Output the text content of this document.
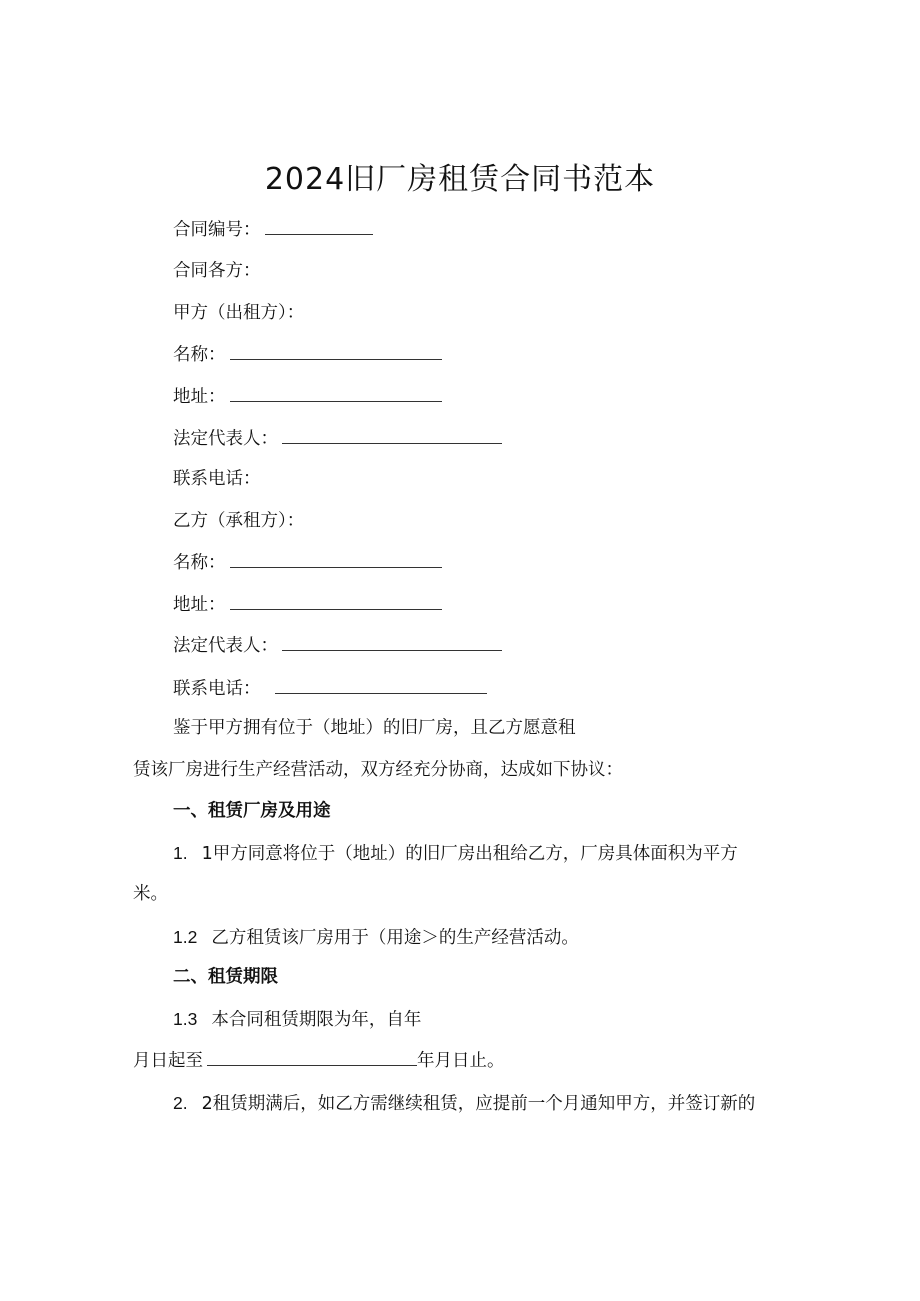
2024旧厂房租赁合同书范本
合同编号：
合同各方：
甲方（出租方）：
名称：
地址：
法定代表人：
联系电话：
乙方（承租方）：
名称：
地址：
法定代表人：
联系电话：
鉴于甲方拥有位于（地址）的旧厂房，且乙方愿意租
赁该厂房进行生产经营活动，双方经充分协商，达成如下协议：
一、租赁厂房及用途
1. 1甲方同意将位于（地址）的旧厂房出租给乙方，厂房具体面积为平方
米。
1.2 乙方租赁该厂房用于（用途＞的生产经营活动。
二、租赁期限
1.3 本合同租赁期限为年，自年
月日起至	年月日止。
2. 2租赁期满后，如乙方需继续租赁，应提前一个月通知甲方，并签订新的
